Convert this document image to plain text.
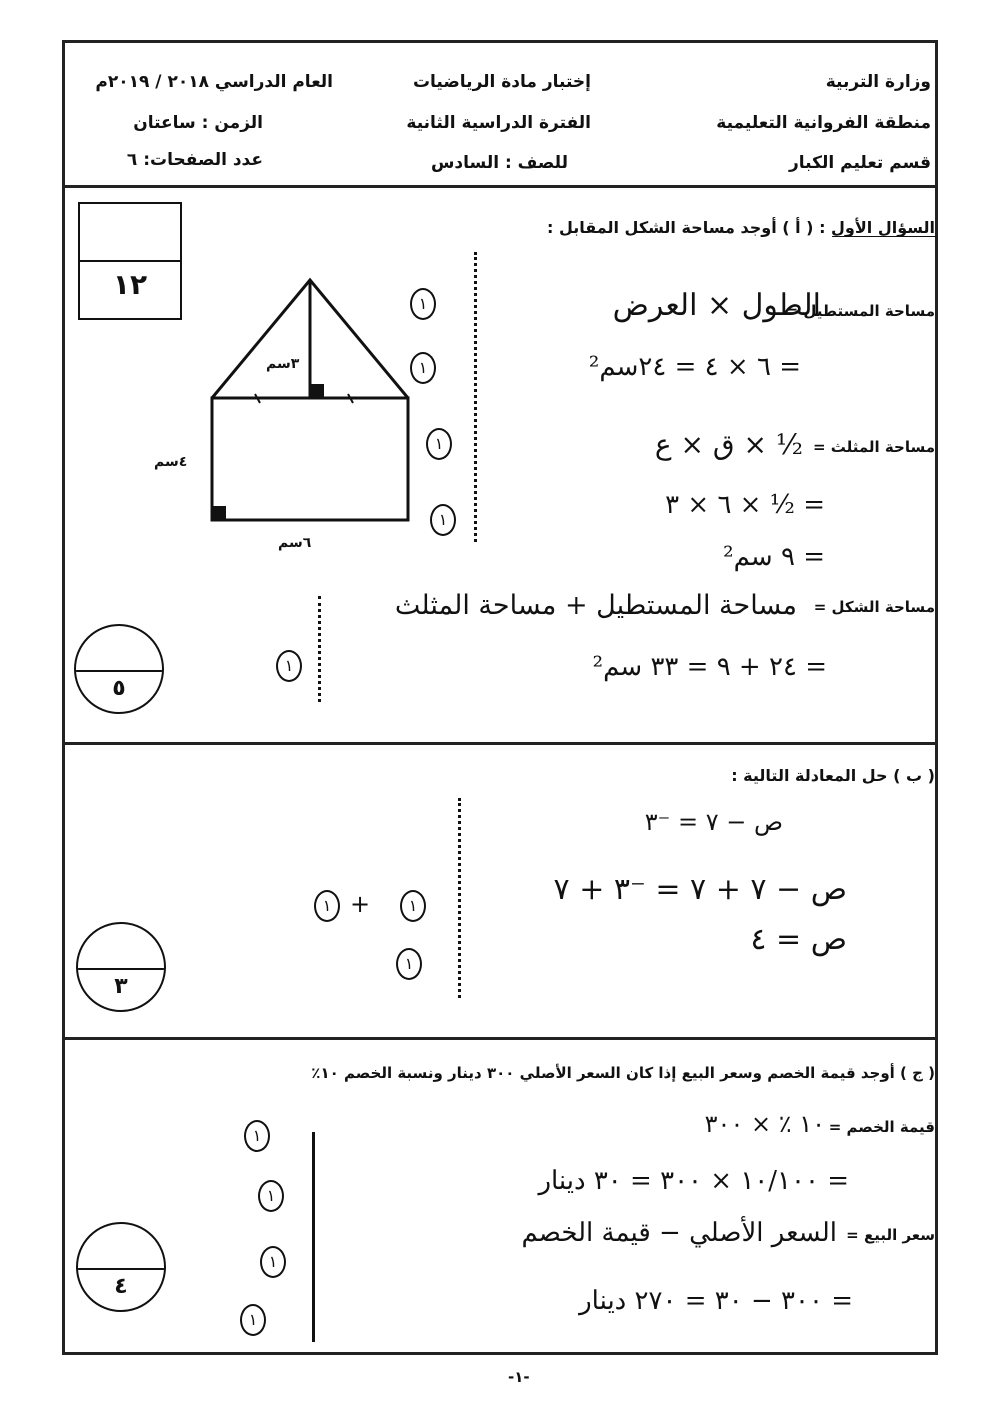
وزارة التربية
منطقة الفروانية التعليمية
قسم تعليم الكبار
إختبار مادة الرياضيات
الفترة الدراسية الثانية
للصف : السادس
العام الدراسي ٢٠١٨ / ٢٠١٩م
الزمن : ساعتان
عدد الصفحات: ٦
١٢
السؤال الأول : ( أ ) أوجد مساحة الشكل المقابل :
٣سم
٤سم
٦سم
مساحة المستطيل =
الطول × العرض
= ٦ × ٤ = ٢٤سم²
مساحة المثلث =
½ × ق × ع
= ½ × ٦ × ٣
= ٩ سم²
مساحة الشكل =
مساحة المستطيل + مساحة المثلث
= ٢٤ + ٩ = ٣٣ سم²
١
١
١
١
١
٥
( ب ) حل المعادلة التالية :
ص − ٧ = ⁻٣
ص − ٧ + ٧ = ⁻٣ + ٧
ص = ٤
١ +	١
١
٣
( ج ) أوجد قيمة الخصم وسعر البيع إذا كان السعر الأصلي ٣٠٠ دينار ونسبة الخصم ١٠٪
قيمة الخصم =
١٠ ٪ × ٣٠٠
= ١٠/١٠٠ × ٣٠٠ = ٣٠ دينار
سعر البيع =
السعر الأصلي − قيمة الخصم
= ٣٠٠ − ٣٠ = ٢٧٠ دينار
١
١
١
١
٤
-١-
